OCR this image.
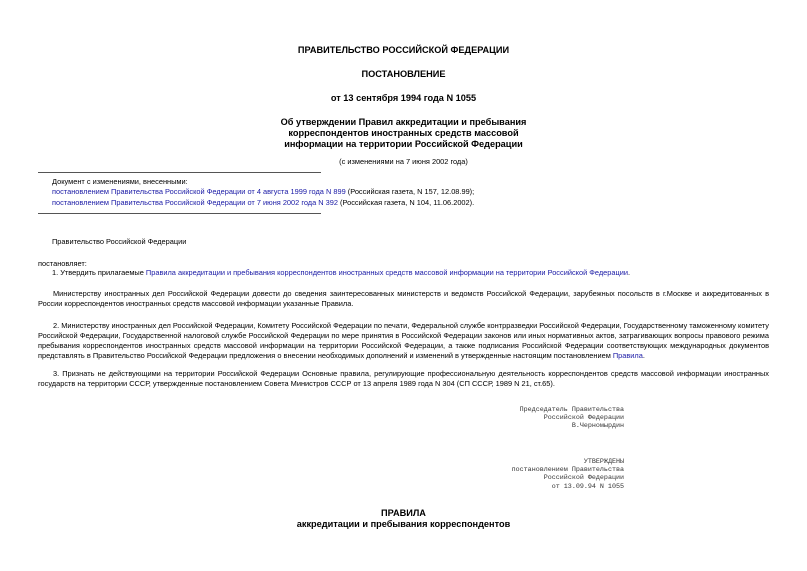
ПРАВИТЕЛЬСТВО РОССИЙСКОЙ ФЕДЕРАЦИИ
ПОСТАНОВЛЕНИЕ
от 13 сентября 1994 года N 1055
Об утверждении Правил аккредитации и пребывания
корреспондентов иностранных средств массовой
информации на территории Российской Федерации
(с изменениями на 7 июня 2002 года)
Документ с изменениями, внесенными:
постановлением Правительства Российской Федерации от 4 августа 1999 года N 899 (Российская газета, N 157, 12.08.99);
постановлением Правительства Российской Федерации от 7 июня 2002 года N 392 (Российская газета, N 104, 11.06.2002).
Правительство Российской Федерации
постановляет:
1. Утвердить прилагаемые Правила аккредитации и пребывания корреспондентов иностранных средств массовой информации на территории Российской Федерации.
Министерству иностранных дел Российской Федерации довести до сведения заинтересованных министерств и ведомств Российской Федерации, зарубежных посольств в г.Москве и аккредитованных в России корреспондентов иностранных средств массовой информации указанные Правила.
2. Министерству иностранных дел Российской Федерации, Комитету Российской Федерации по печати, Федеральной службе контрразведки Российской Федерации, Государственному таможенному комитету Российской Федерации, Государственной налоговой службе Российской Федерации по мере принятия в Российской Федерации законов или иных нормативных актов, затрагивающих вопросы правового режима пребывания корреспондентов иностранных средств массовой информации на территории Российской Федерации, а также подписания Российской Федерации соответствующих международных документов представлять в Правительство Российской Федерации предложения о внесении необходимых дополнений и изменений в утвержденные настоящим постановлением Правила.
3. Признать не действующими на территории Российской Федерации Основные правила, регулирующие профессиональную деятельность корреспондентов средств массовой информации иностранных государств на территории СССР, утвержденные постановлением Совета Министров СССР от 13 апреля 1989 года N 304 (СП СССР, 1989 N 21, ст.65).
Председатель Правительства
Российской Федерации
В.Черномырдин
УТВЕРЖДЕНЫ
постановлением Правительства
Российской Федерации
от 13.09.94 N 1055
ПРАВИЛА
аккредитации и пребывания корреспондентов
